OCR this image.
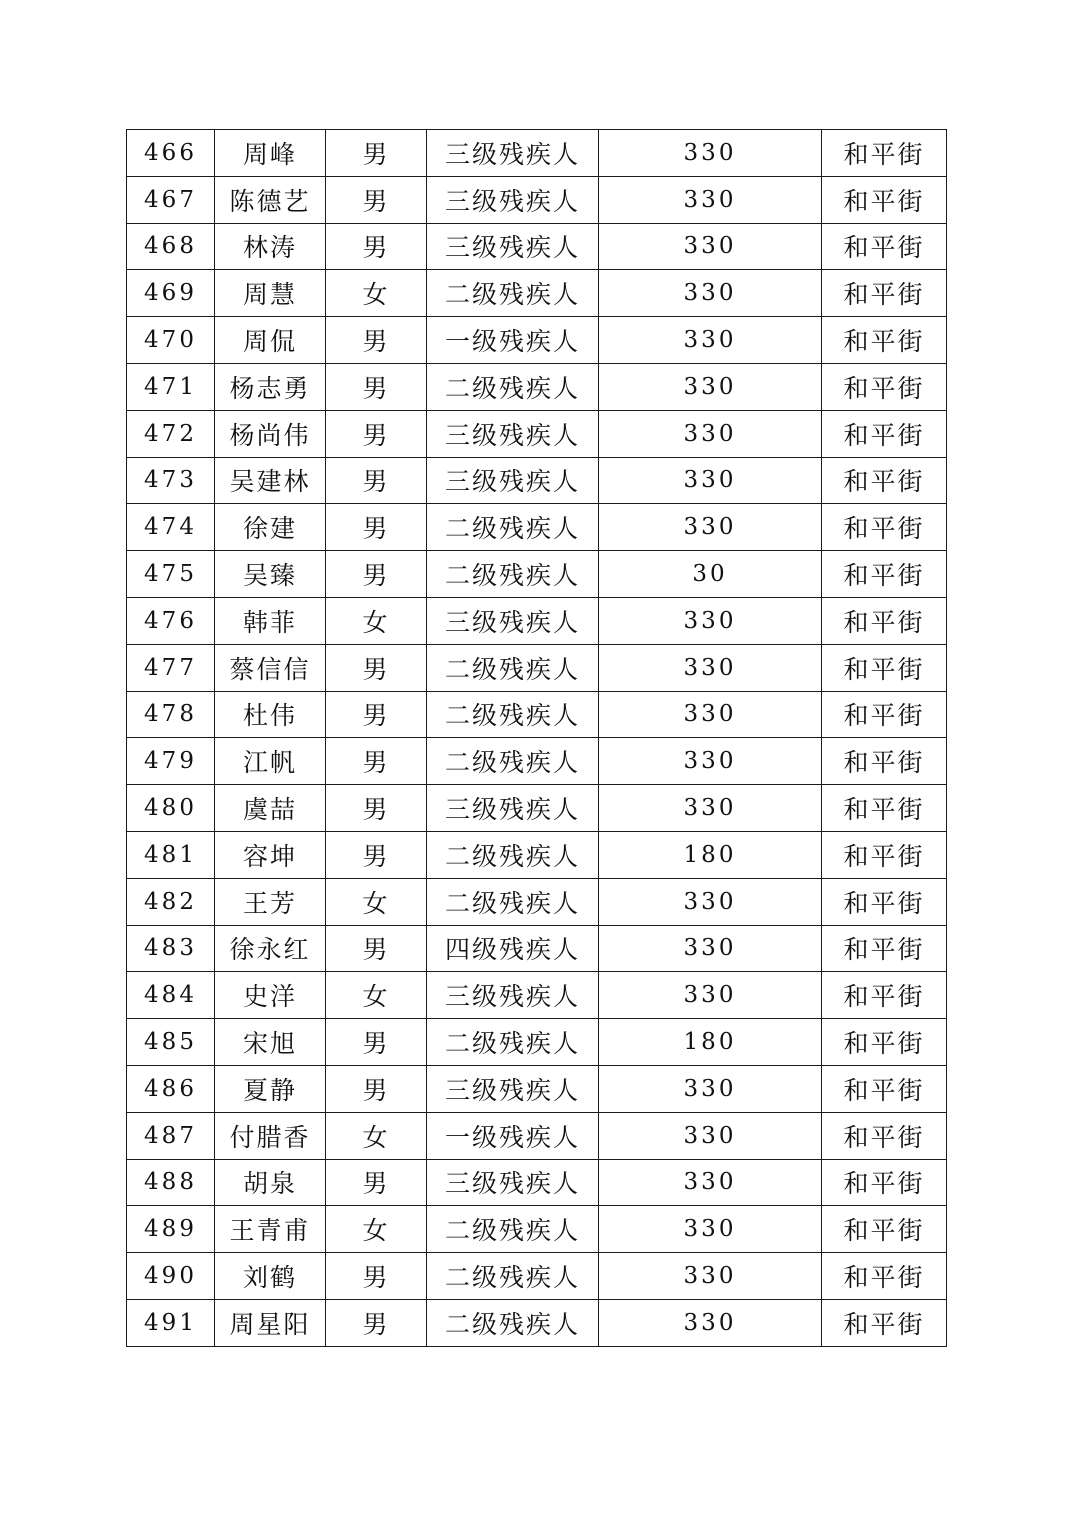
466	周峰	男	三级残疾人	330	和平街
467	陈德艺	男	三级残疾人	330	和平街
468	林涛	男	三级残疾人	330	和平街
469	周慧	女	二级残疾人	330	和平街
470	周侃	男	一级残疾人	330	和平街
471	杨志勇	男	二级残疾人	330	和平街
472	杨尚伟	男	三级残疾人	330	和平街
473	吴建林	男	三级残疾人	330	和平街
474	徐建	男	二级残疾人	330	和平街
475	吴臻	男	二级残疾人	30	和平街
476	韩菲	女	三级残疾人	330	和平街
477	蔡信信	男	二级残疾人	330	和平街
478	杜伟	男	二级残疾人	330	和平街
479	江帆	男	二级残疾人	330	和平街
480	虞喆	男	三级残疾人	330	和平街
481	容坤	男	二级残疾人	180	和平街
482	王芳	女	二级残疾人	330	和平街
483	徐永红	男	四级残疾人	330	和平街
484	史洋	女	三级残疾人	330	和平街
485	宋旭	男	二级残疾人	180	和平街
486	夏静	男	三级残疾人	330	和平街
487	付腊香	女	一级残疾人	330	和平街
488	胡泉	男	三级残疾人	330	和平街
489	王青甫	女	二级残疾人	330	和平街
490	刘鹤	男	二级残疾人	330	和平街
491	周星阳	男	二级残疾人	330	和平街
